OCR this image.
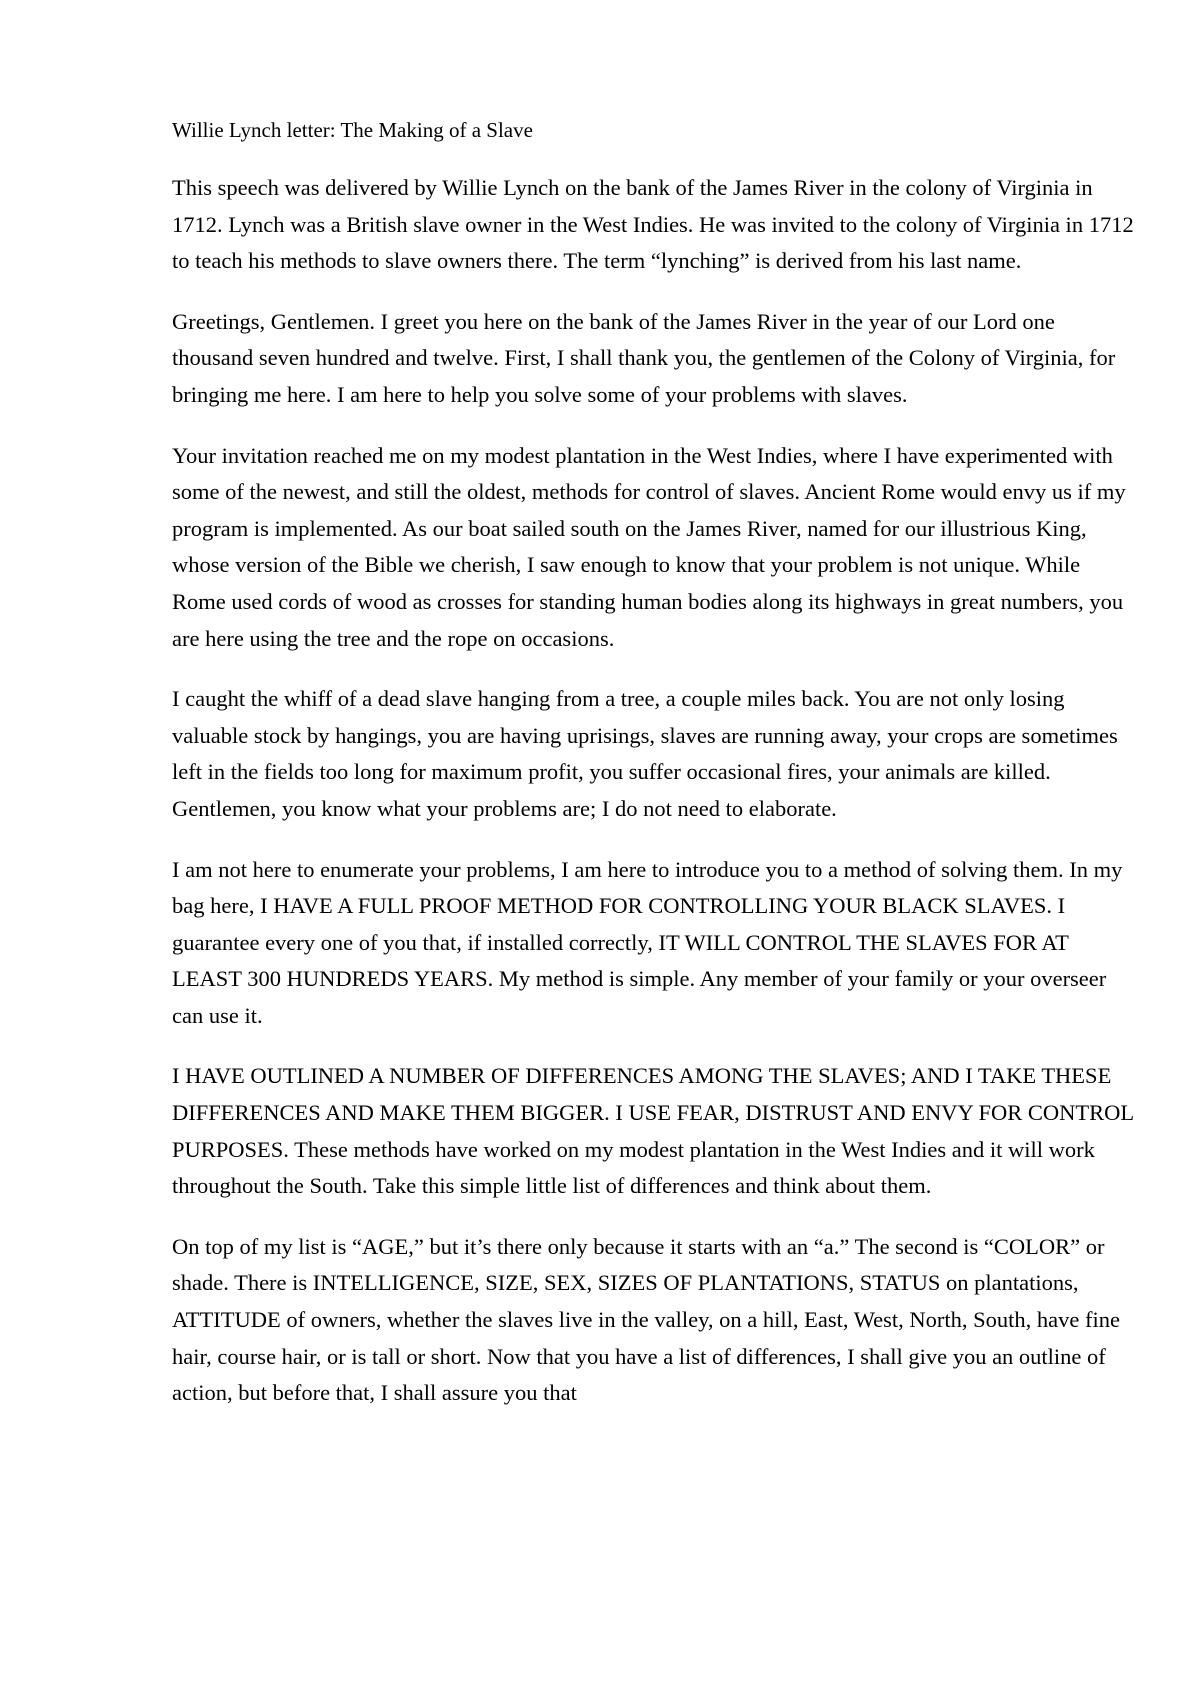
Willie Lynch letter: The Making of a Slave

This speech was delivered by Willie Lynch on the bank of the James River in the colony of Virginia in 1712. Lynch was a British slave owner in the West Indies. He was invited to the colony of Virginia in 1712 to teach his methods to slave owners there. The term “lynching” is derived from his last name.

Greetings, Gentlemen. I greet you here on the bank of the James River in the year of our Lord one thousand seven hundred and twelve. First, I shall thank you, the gentlemen of the Colony of Virginia, for bringing me here. I am here to help you solve some of your problems with slaves.

Your invitation reached me on my modest plantation in the West Indies, where I have experimented with some of the newest, and still the oldest, methods for control of slaves. Ancient Rome would envy us if my program is implemented. As our boat sailed south on the James River, named for our illustrious King, whose version of the Bible we cherish, I saw enough to know that your problem is not unique. While Rome used cords of wood as crosses for standing human bodies along its highways in great numbers, you are here using the tree and the rope on occasions.

I caught the whiff of a dead slave hanging from a tree, a couple miles back. You are not only losing valuable stock by hangings, you are having uprisings, slaves are running away, your crops are sometimes left in the fields too long for maximum profit, you suffer occasional fires, your animals are killed. Gentlemen, you know what your problems are; I do not need to elaborate.

I am not here to enumerate your problems, I am here to introduce you to a method of solving them. In my bag here, I HAVE A FULL PROOF METHOD FOR CONTROLLING YOUR BLACK SLAVES. I guarantee every one of you that, if installed correctly, IT WILL CONTROL THE SLAVES FOR AT LEAST 300 HUNDREDS YEARS. My method is simple. Any member of your family or your overseer can use it.

I HAVE OUTLINED A NUMBER OF DIFFERENCES AMONG THE SLAVES; AND I TAKE THESE DIFFERENCES AND MAKE THEM BIGGER. I USE FEAR, DISTRUST AND ENVY FOR CONTROL PURPOSES. These methods have worked on my modest plantation in the West Indies and it will work throughout the South. Take this simple little list of differences and think about them.

On top of my list is “AGE,” but it’s there only because it starts with an “a.” The second is “COLOR” or shade. There is INTELLIGENCE, SIZE, SEX, SIZES OF PLANTATIONS, STATUS on plantations, ATTITUDE of owners, whether the slaves live in the valley, on a hill, East, West, North, South, have fine hair, course hair, or is tall or short. Now that you have a list of differences, I shall give you an outline of action, but before that, I shall assure you that
